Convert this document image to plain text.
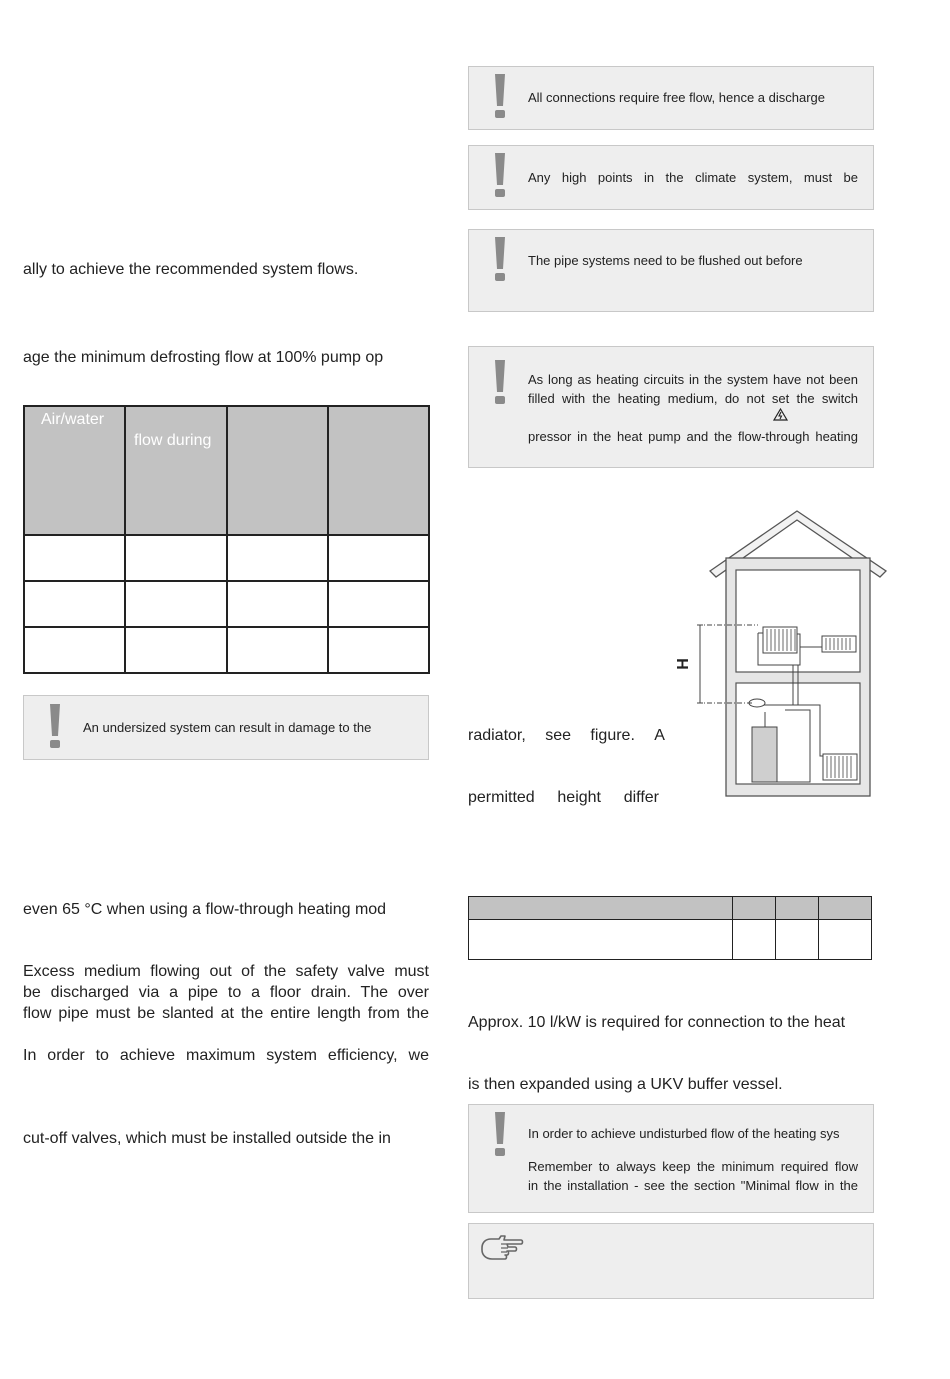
ally to achieve the recommended system flows.
age the minimum defrosting flow at 100% pump op
Air/water	flow during		

An undersized system can result in damage to the
even 65 °C when using a flow-through heating mod
Excess medium flowing out of the safety valve must
be discharged via a pipe to a floor drain. The over
flow pipe must be slanted at the entire length from the
In order to achieve maximum system efficiency, we
cut-off valves, which must be installed outside the in
All connections require free flow, hence a discharge
Any high points in the climate system, must be
The pipe systems need to be flushed out before
As long as heating circuits in the system have not been
filled with the heating medium, do not set the switch
pressor in the heat pump and the flow-through heating
radiator, see figure. A
permitted height differ
H

Approx. 10 l/kW is required for connection to the heat
is then expanded using a UKV buffer vessel.
In order to achieve undisturbed flow of the heating sys
Remember to always keep the minimum required flow
in the installation - see the section "Minimal flow in the
